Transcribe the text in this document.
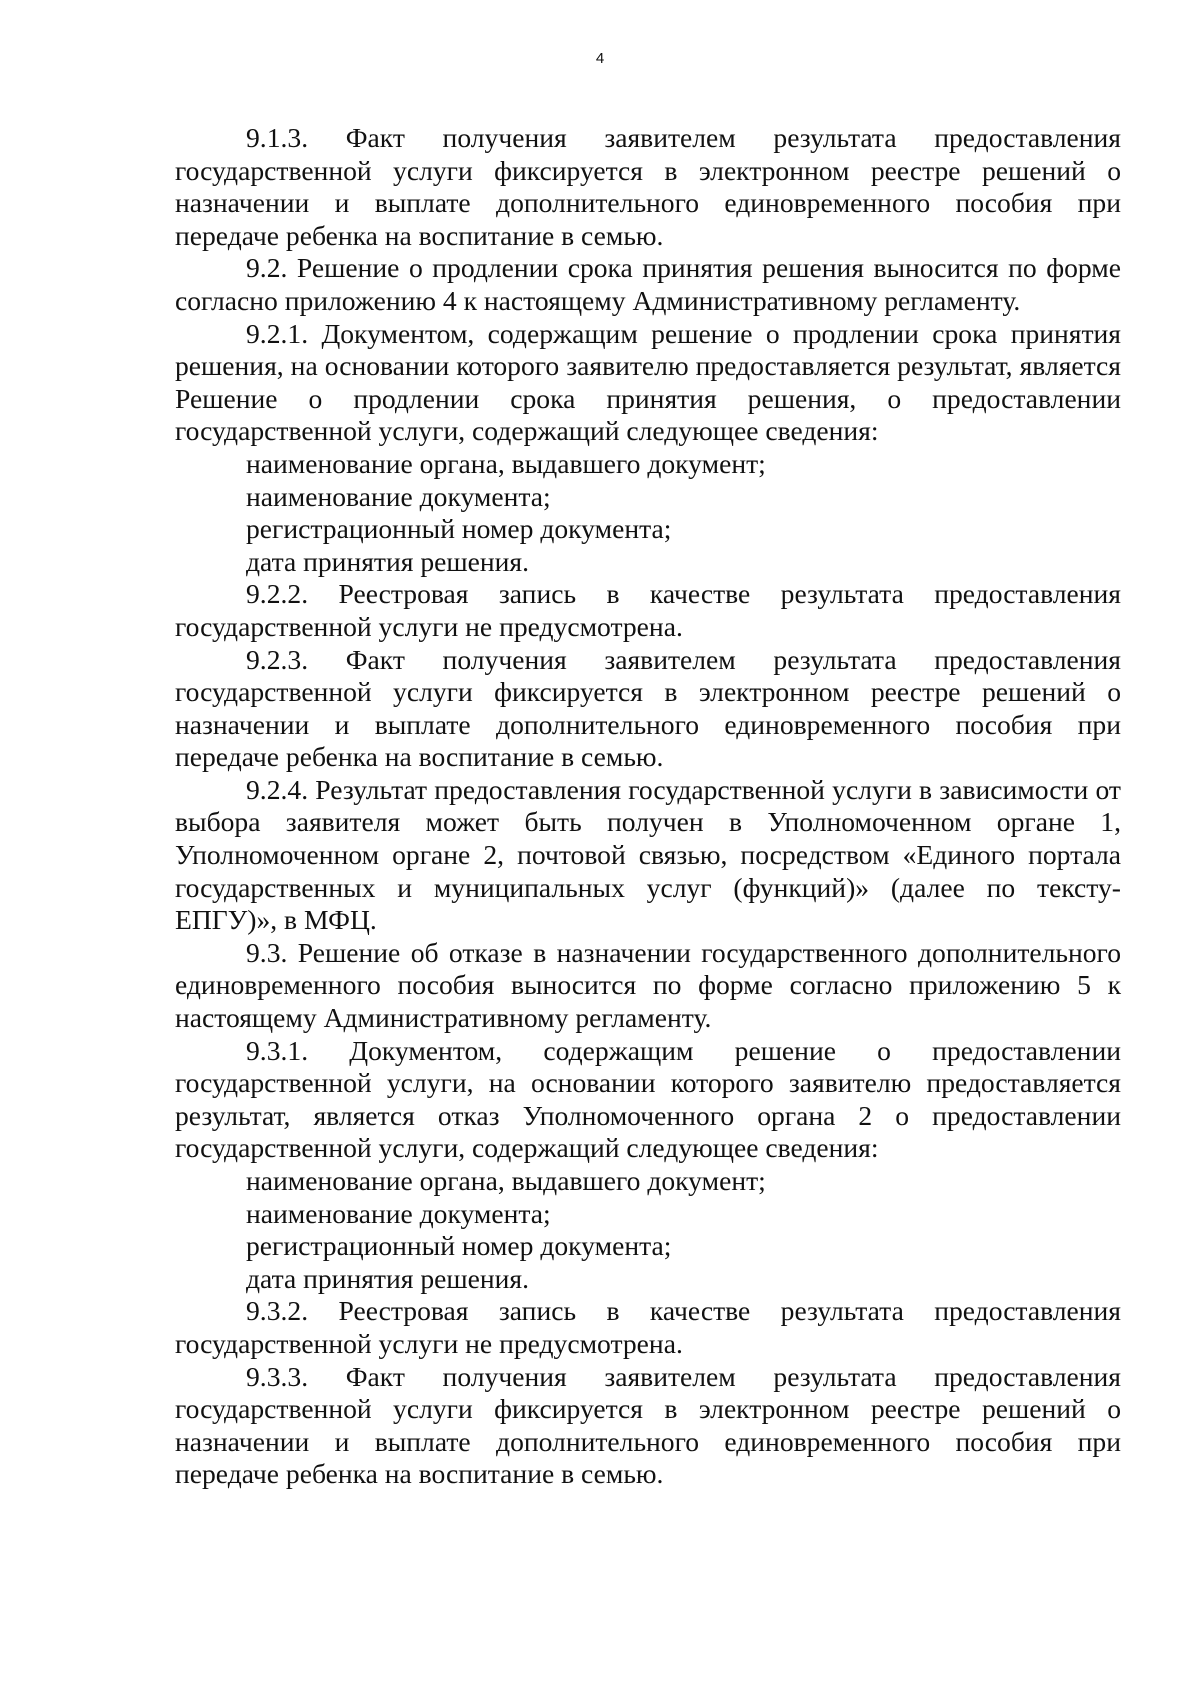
4

9.1.3. Факт получения заявителем результата предоставления государственной услуги фиксируется в электронном реестре решений о назначении и выплате дополнительного единовременного пособия при передаче ребенка на воспитание в семью.

9.2. Решение о продлении срока принятия решения выносится по форме согласно приложению 4 к настоящему Административному регламенту.

9.2.1. Документом, содержащим решение о продлении срока принятия решения, на основании которого заявителю предоставляется результат, является Решение о продлении срока принятия решения, о предоставлении государственной услуги, содержащий следующее сведения:

наименование органа, выдавшего документ;

наименование документа;

регистрационный номер документа;

дата принятия решения.

9.2.2. Реестровая запись в качестве результата предоставления государственной услуги не предусмотрена.

9.2.3. Факт получения заявителем результата предоставления государственной услуги фиксируется в электронном реестре решений о назначении и выплате дополнительного единовременного пособия при передаче ребенка на воспитание в семью.

9.2.4. Результат предоставления государственной услуги в зависимости от выбора заявителя может быть получен в Уполномоченном органе 1, Уполномоченном органе 2, почтовой связью, посредством «Единого портала государственных и муниципальных услуг (функций)» (далее по тексту- ЕПГУ)», в МФЦ.

9.3. Решение об отказе в назначении государственного дополнительного единовременного пособия выносится по форме согласно приложению 5 к настоящему Административному регламенту.

9.3.1. Документом, содержащим решение о предоставлении государственной услуги, на основании которого заявителю предоставляется результат, является отказ Уполномоченного органа 2 о предоставлении государственной услуги, содержащий следующее сведения:

наименование органа, выдавшего документ;

наименование документа;

регистрационный номер документа;

дата принятия решения.

9.3.2. Реестровая запись в качестве результата предоставления государственной услуги не предусмотрена.

9.3.3. Факт получения заявителем результата предоставления государственной услуги фиксируется в электронном реестре решений о назначении и выплате дополнительного единовременного пособия при передаче ребенка на воспитание в семью.
